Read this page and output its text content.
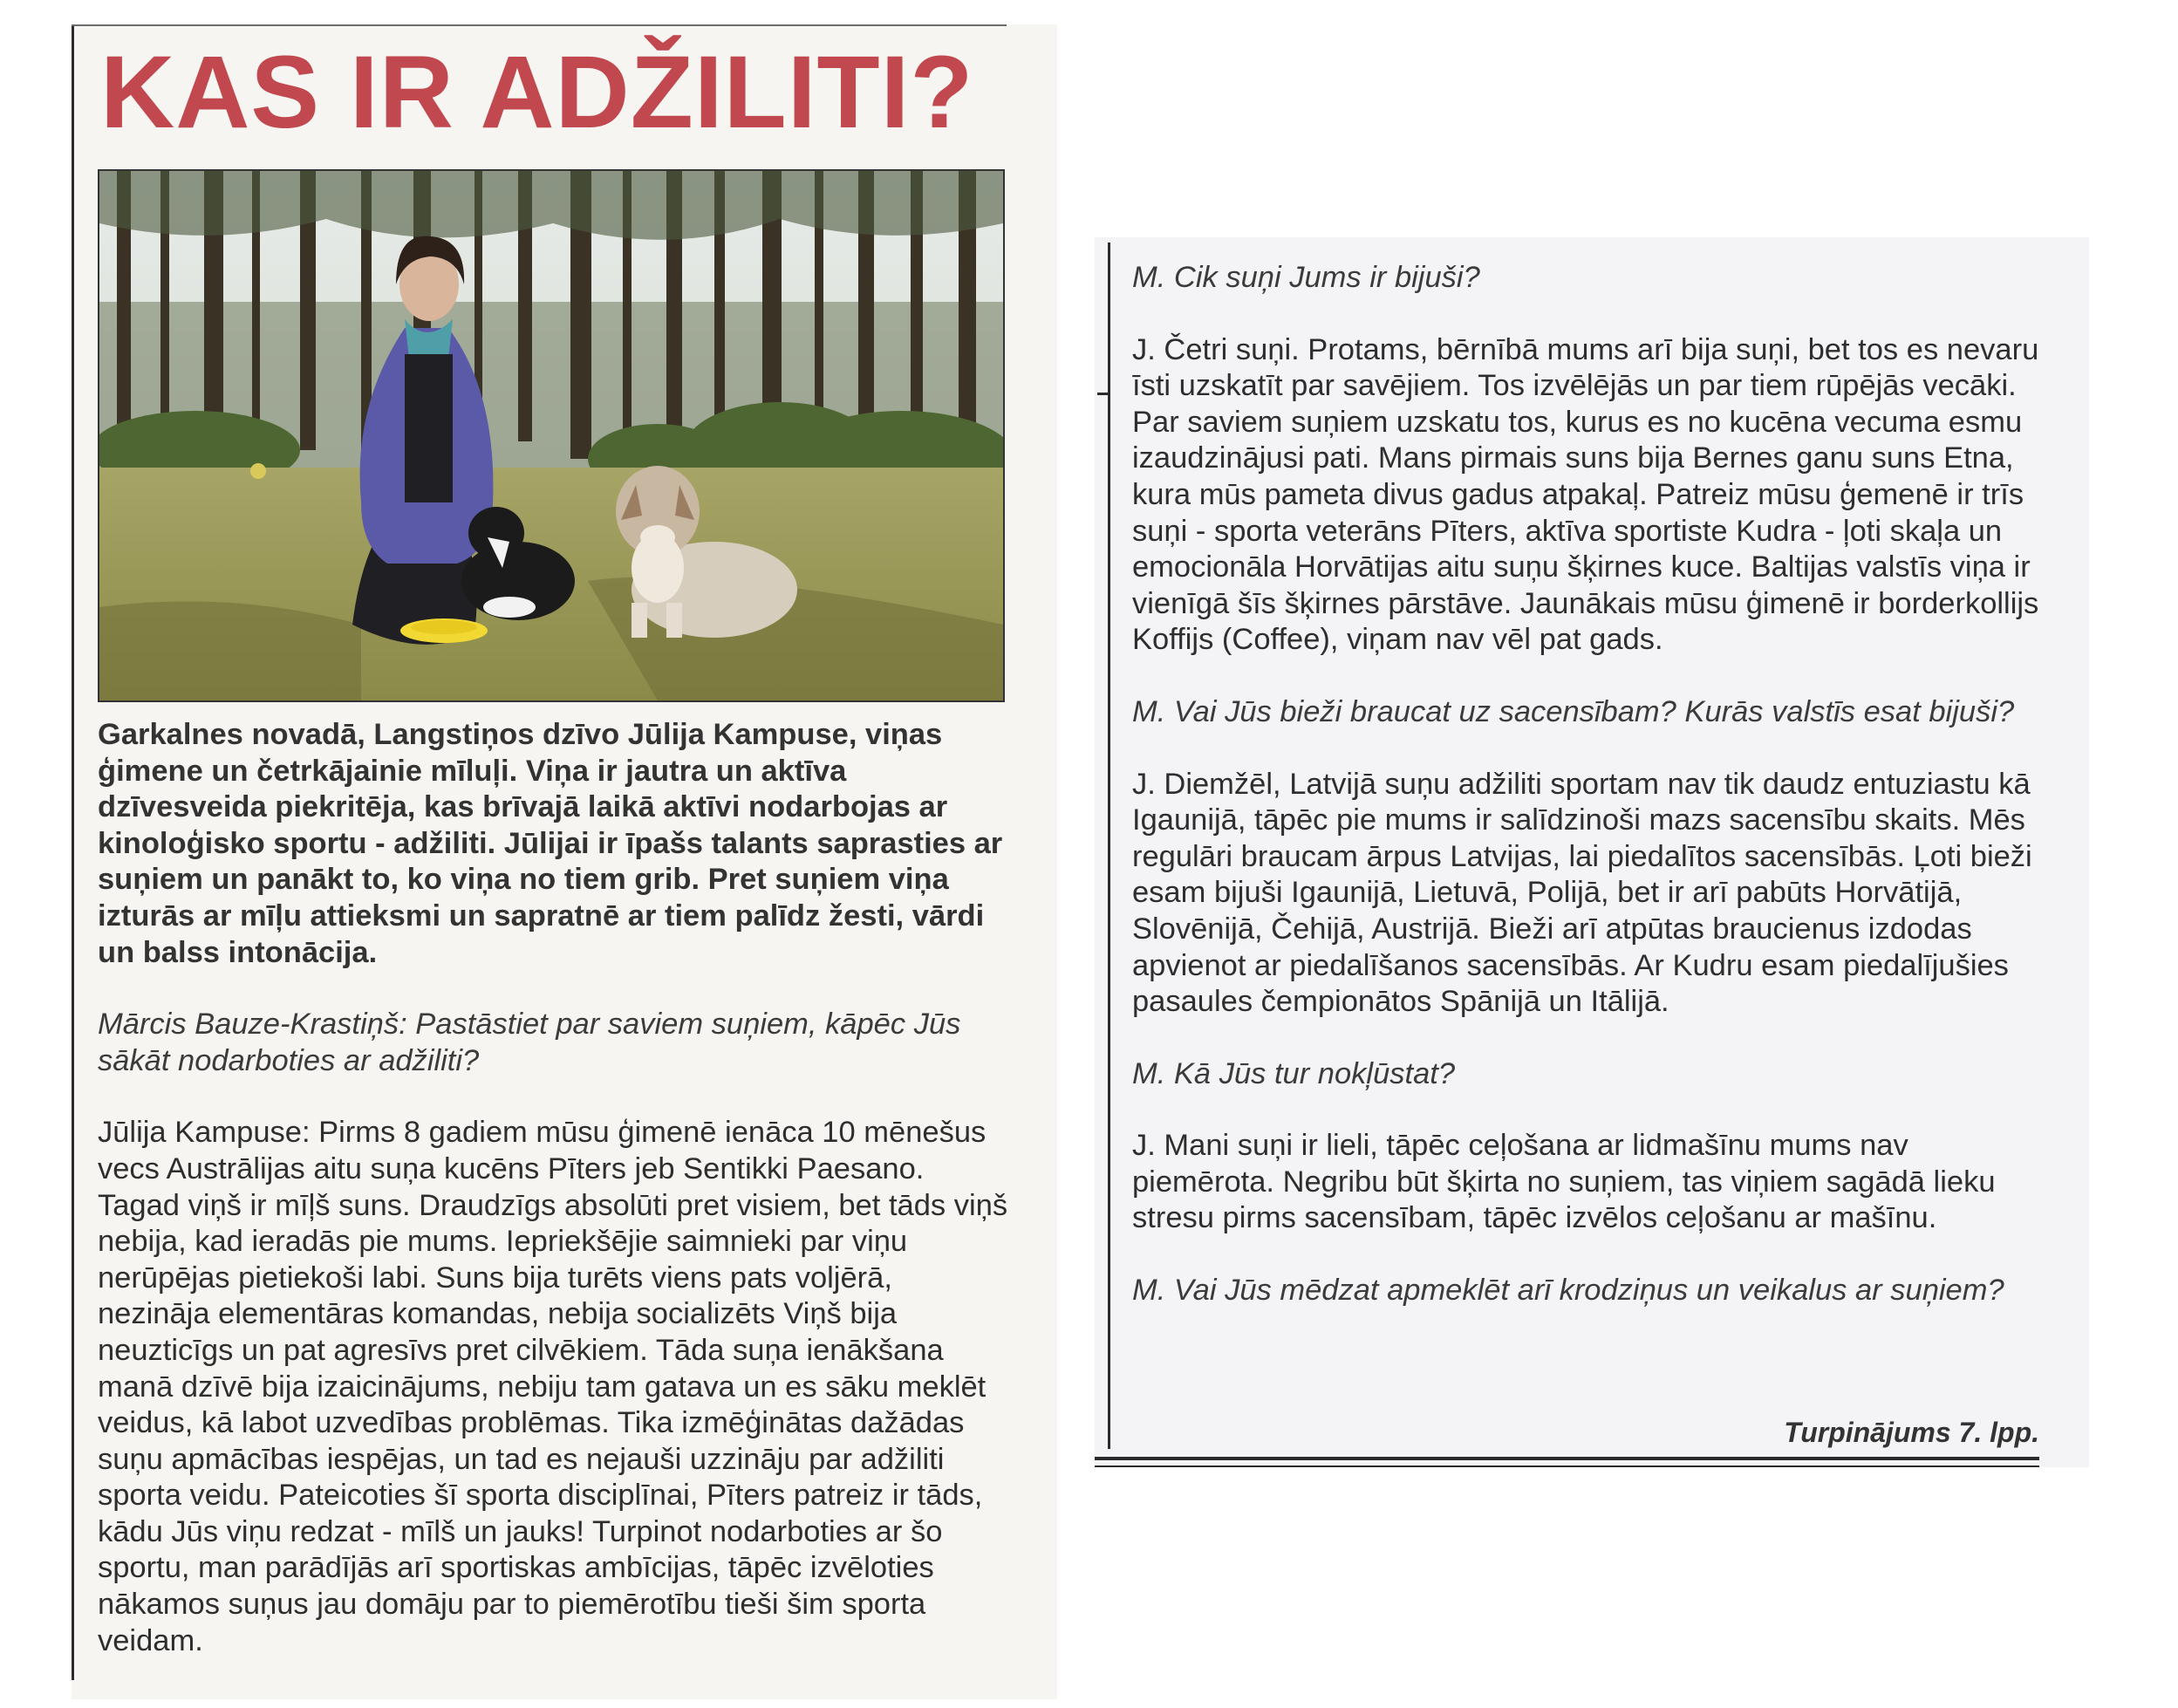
KAS IR ADŽILITI?

Garkalnes novadā, Langstiņos dzīvo Jūlija Kampuse, viņas ģimene un četrkājainie mīluļi. Viņa ir jautra un aktīva dzīvesveida piekritēja, kas brīvajā laikā aktīvi nodarbojas ar kinoloģisko sportu - adžiliti. Jūlijai ir īpašs talants saprasties ar suņiem un panākt to, ko viņa no tiem grib. Pret suņiem viņa izturās ar mīļu attieksmi un sapratnē ar tiem palīdz žesti, vārdi un balss intonācija.

Mārcis Bauze-Krastiņš: Pastāstiet par saviem suņiem, kāpēc Jūs sākāt nodarboties ar adžiliti?

Jūlija Kampuse: Pirms 8 gadiem mūsu ģimenē ienāca 10 mēnešus vecs Austrālijas aitu suņa kucēns Pīters jeb Sentikki Paesano. Tagad viņš ir mīļš suns. Draudzīgs absolūti pret visiem, bet tāds viņš nebija, kad ieradās pie mums. Iepriekšējie saimnieki par viņu nerūpējas pietiekoši labi. Suns bija turēts viens pats voljērā, nezināja elementāras komandas, nebija socializēts Viņš bija neuzticīgs un pat agresīvs pret cilvēkiem. Tāda suņa ienākšana manā dzīvē bija izaicinājums, nebiju tam gatava un es sāku meklēt veidus, kā labot uzvedības problēmas. Tika izmēģinātas dažādas suņu apmācības iespējas, un tad es nejauši uzzināju par adžiliti sporta veidu. Pateicoties šī sporta disciplīnai, Pīters patreiz ir tāds, kādu Jūs viņu redzat - mīlš un jauks! Turpinot nodarboties ar šo sportu, man parādījās arī sportiskas ambīcijas, tāpēc izvēloties nākamos suņus jau domāju par to piemērotību tieši šim sporta veidam.

M. Cik suņi Jums ir bijuši?

J. Četri suņi. Protams, bērnībā mums arī bija suņi, bet tos es nevaru īsti uzskatīt par savējiem. Tos izvēlējās un par tiem rūpējās vecāki. Par saviem suņiem uzskatu tos, kurus es no kucēna vecuma esmu izaudzinājusi pati. Mans pirmais suns bija Bernes ganu suns Etna, kura mūs pameta divus gadus atpakaļ. Patreiz mūsu ģemenē ir trīs suņi - sporta veterāns Pīters, aktīva sportiste Kudra - ļoti skaļa un emocionāla Horvātijas aitu suņu šķirnes kuce. Baltijas valstīs viņa ir vienīgā šīs šķirnes pārstāve. Jaunākais mūsu ģimenē ir borderkollijs Koffijs (Coffee), viņam nav vēl pat gads.

M. Vai Jūs bieži braucat uz sacensībam? Kurās valstīs esat bijuši?

J. Diemžēl, Latvijā suņu adžiliti sportam nav tik daudz entuziastu kā Igaunijā, tāpēc pie mums ir salīdzinoši mazs sacensību skaits. Mēs regulāri braucam ārpus Latvijas, lai piedalītos sacensībās. Ļoti bieži esam bijuši Igaunijā, Lietuvā, Polijā, bet ir arī pabūts Horvātijā, Slovēnijā, Čehijā, Austrijā. Bieži arī atpūtas braucienus izdodas apvienot ar piedalīšanos sacensībās. Ar Kudru esam piedalījušies pasaules čempionātos Spānijā un Itālijā.

M. Kā Jūs tur nokļūstat?

J. Mani suņi ir lieli, tāpēc ceļošana ar lidmašīnu mums nav piemērota. Negribu būt šķirta no suņiem, tas viņiem sagādā lieku stresu pirms sacensībam, tāpēc izvēlos ceļošanu ar mašīnu.

M. Vai Jūs mēdzat apmeklēt arī krodziņus un veikalus ar suņiem?

Turpinājums 7. lpp.
